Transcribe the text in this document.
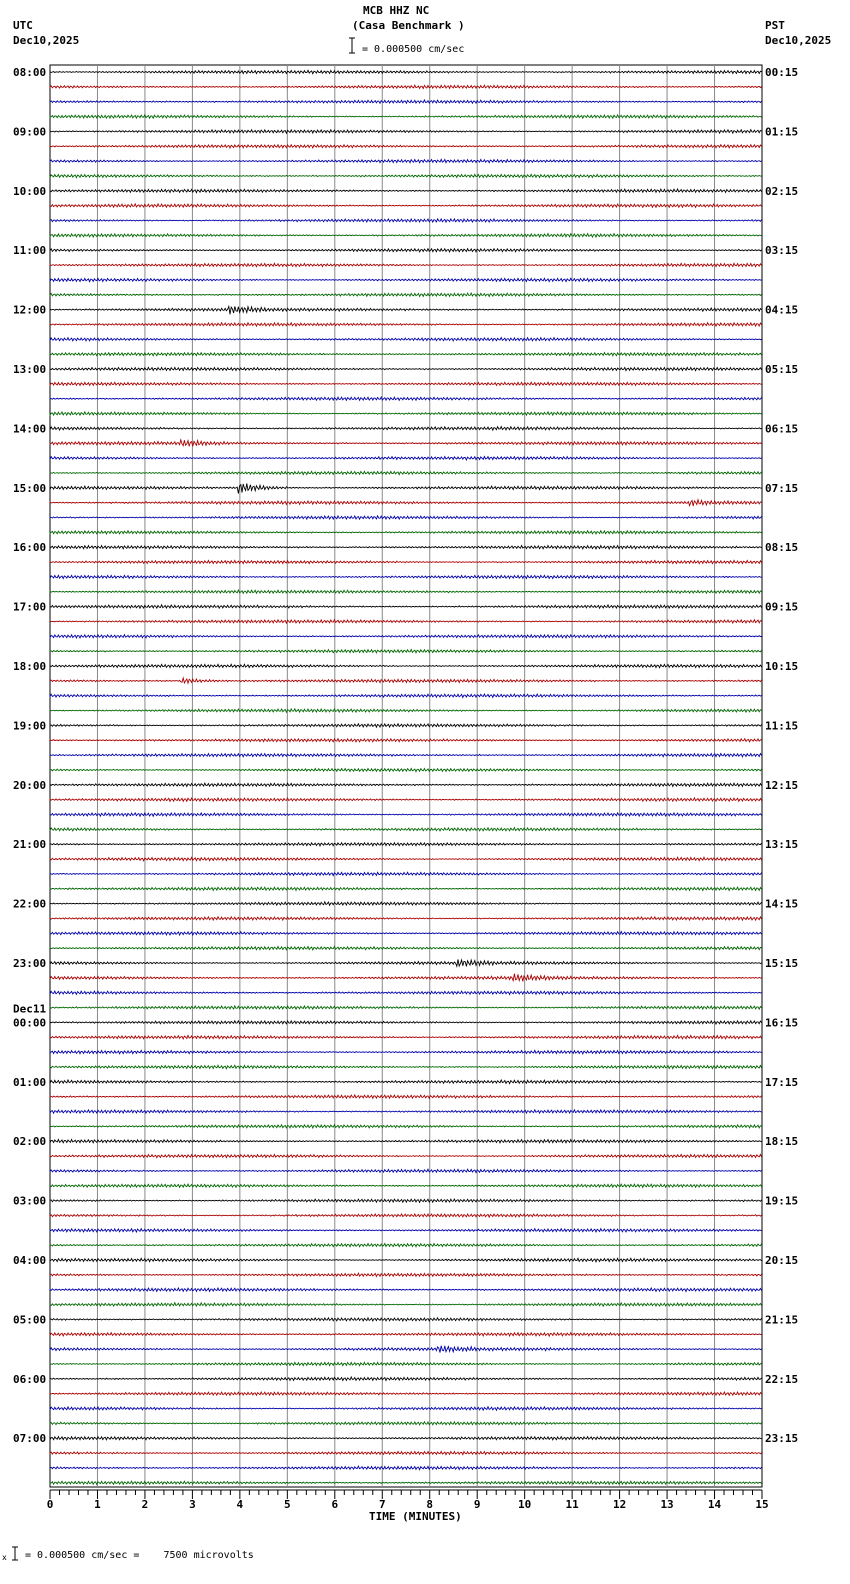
MCB HHZ NC
(Casa Benchmark )
= 0.000500 cm/sec
UTC
Dec10,2025
PST
Dec10,2025
TIME (MINUTES)
x = 0.000500 cm/sec =    7500 microvolts
0	1	2	3	4	5	6	7	8	9	10	11	12	13	14	15
08:00
09:00
10:00
11:00
12:00
13:00
14:00
15:00
16:00
17:00
18:00
19:00
20:00
21:00
22:00
23:00
00:00
Dec11
01:00
02:00
03:00
04:00
05:00
06:00
07:00
00:15
01:15
02:15
03:15
04:15
05:15
06:15
07:15
08:15
09:15
10:15
11:15
12:15
13:15
14:15
15:15
16:15
17:15
18:15
19:15
20:15
21:15
22:15
23:15
